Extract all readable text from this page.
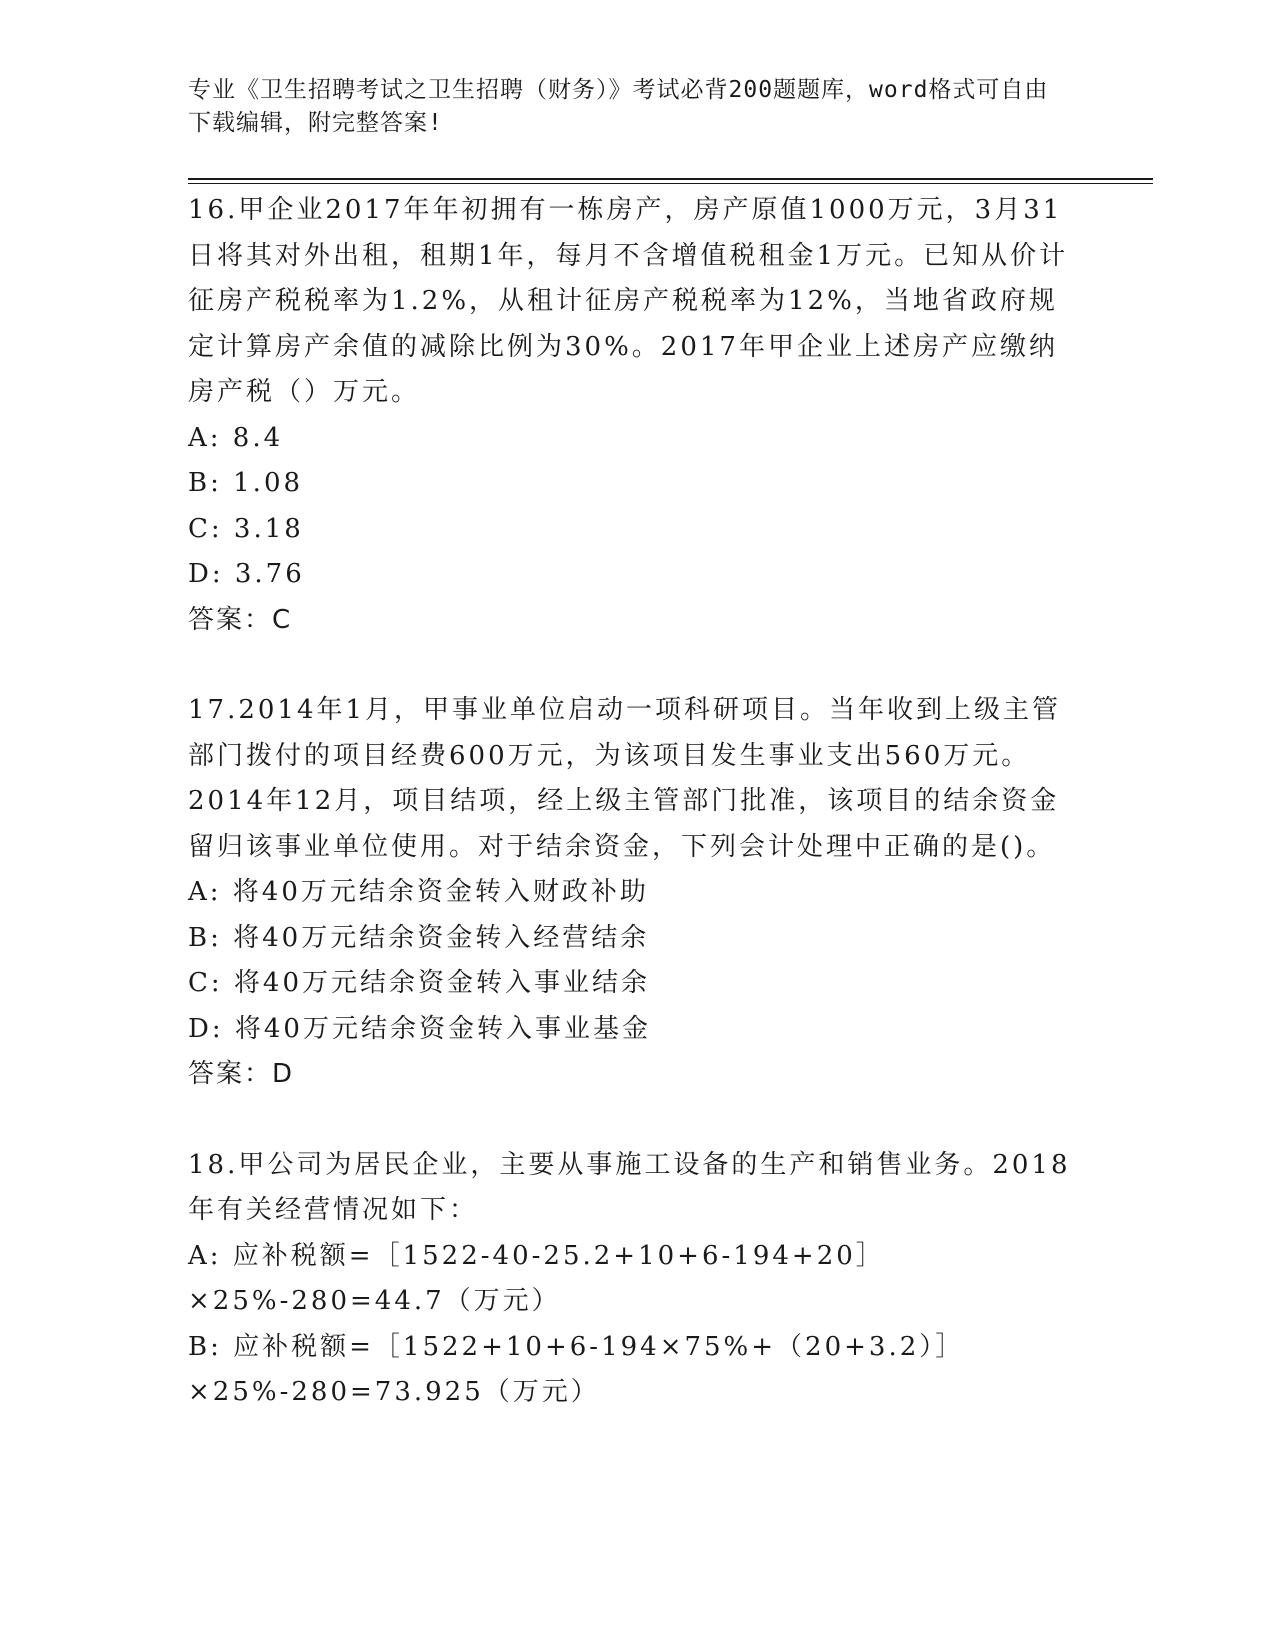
专业《卫生招聘考试之卫生招聘（财务）》考试必背200题题库，word格式可自由下载编辑，附完整答案!

16.甲企业2017年年初拥有一栋房产，房产原值1000万元，3月31日将其对外出租，租期1年，每月不含增值税租金1万元。已知从价计征房产税税率为1.2%，从租计征房产税税率为12%，当地省政府规定计算房产余值的减除比例为30%。2017年甲企业上述房产应缴纳房产税（）万元。

A: 8.4

B: 1.08

C: 3.18

D: 3.76

答案：C

17.2014年1月，甲事业单位启动一项科研项目。当年收到上级主管部门拨付的项目经费600万元，为该项目发生事业支出560万元。2014年12月，项目结项，经上级主管部门批准，该项目的结余资金留归该事业单位使用。对于结余资金，下列会计处理中正确的是()。

A: 将40万元结余资金转入财政补助

B: 将40万元结余资金转入经营结余

C: 将40万元结余资金转入事业结余

D: 将40万元结余资金转入事业基金

答案：D

18.甲公司为居民企业，主要从事施工设备的生产和销售业务。2018年有关经营情况如下：

A: 应补税额=［1522-40-25.2+10+6-194+20］×25%-280=44.7（万元）

B: 应补税额=［1522+10+6-194×75%+（20+3.2）］×25%-280=73.925（万元）
